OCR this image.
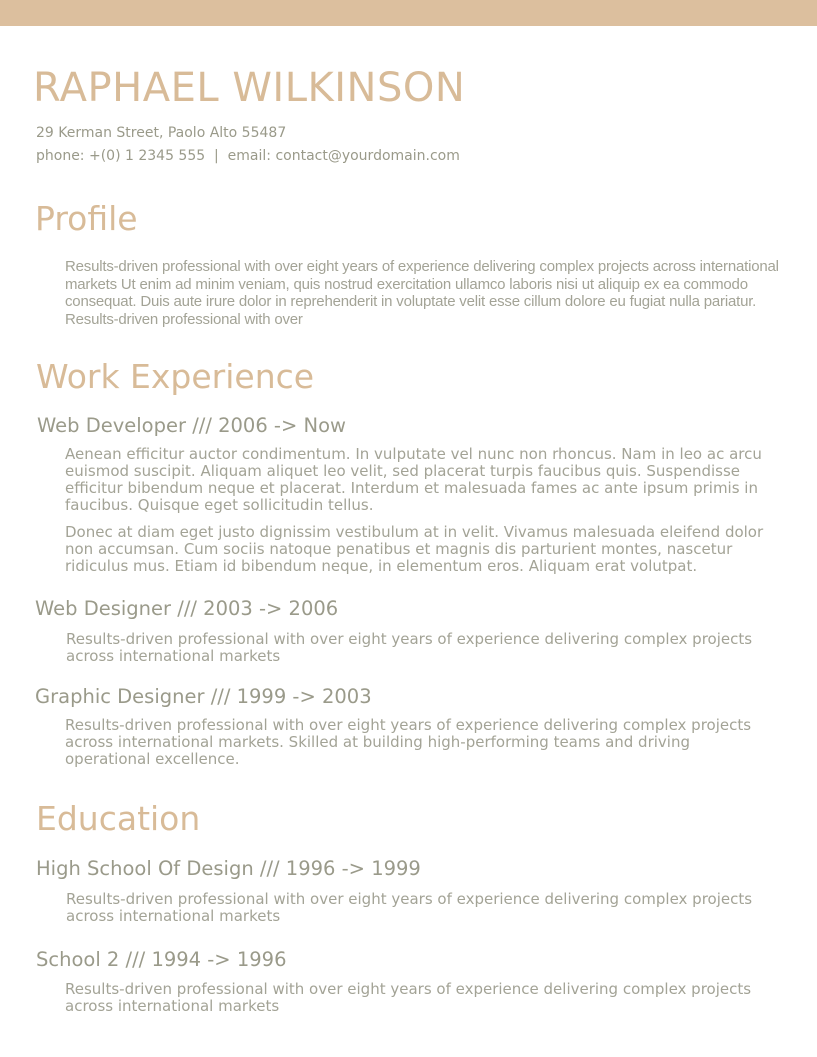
RAPHAEL WILKINSON
29 Kerman Street, Paolo Alto 55487
phone: +(0) 1 2345 555  |  email: contact@yourdomain.com
Profile

Results-driven professional with over eight years of experience delivering complex projects across international markets Ut enim ad minim veniam, quis nostrud exercitation ullamco laboris nisi ut aliquip ex ea commodo consequat. Duis aute irure dolor in reprehenderit in voluptate velit esse cillum dolore eu fugiat nulla pariatur. Results-driven professional with over

Work Experience
Web Developer /// 2006 -> Now

Aenean efficitur auctor condimentum. In vulputate vel nunc non rhoncus. Nam in leo ac arcu euismod suscipit. Aliquam aliquet leo velit, sed placerat turpis faucibus quis. Suspendisse efficitur bibendum neque et placerat. Interdum et malesuada fames ac ante ipsum primis in faucibus. Quisque eget sollicitudin tellus.

Donec at diam eget justo dignissim vestibulum at in velit. Vivamus malesuada eleifend dolor non accumsan. Cum sociis natoque penatibus et magnis dis parturient montes, nascetur ridiculus mus. Etiam id bibendum neque, in elementum eros. Aliquam erat volutpat.

Web Designer /// 2003 -> 2006

Results-driven professional with over eight years of experience delivering complex projects across international markets

Graphic Designer /// 1999 -> 2003

Results-driven professional with over eight years of experience delivering complex projects across international markets. Skilled at building high-performing teams and driving operational excellence.

Education
High School Of Design /// 1996 -> 1999

Results-driven professional with over eight years of experience delivering complex projects across international markets

School 2 /// 1994 -> 1996

Results-driven professional with over eight years of experience delivering complex projects across international markets
